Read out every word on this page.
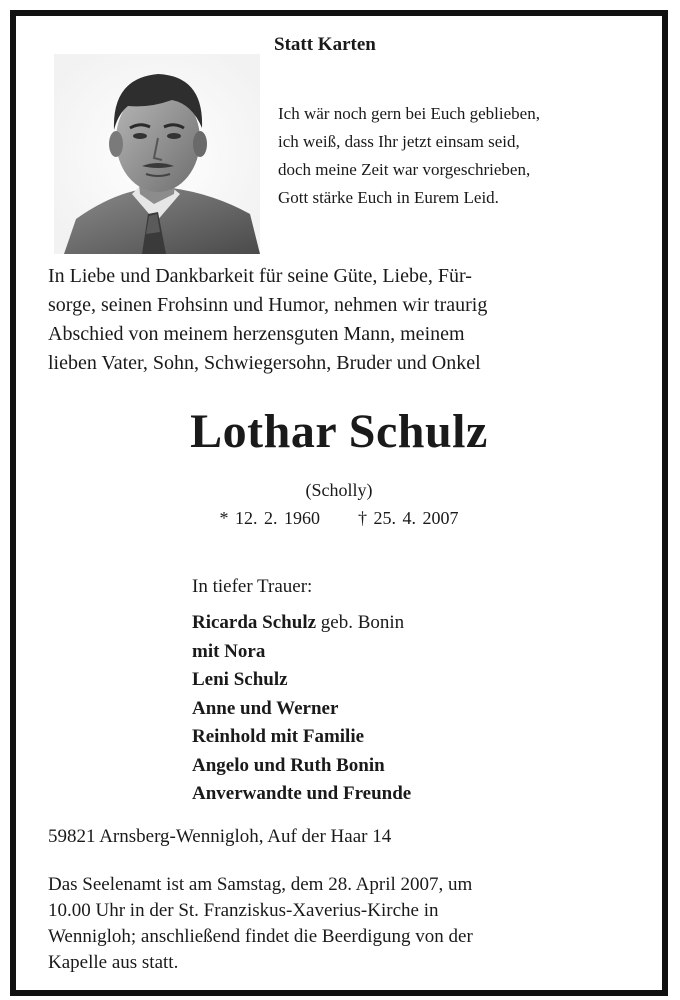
Statt Karten
Ich wär noch gern bei Euch geblieben,
ich weiß, dass Ihr jetzt einsam seid,
doch meine Zeit war vorgeschrieben,
Gott stärke Euch in Eurem Leid.
In Liebe und Dankbarkeit für seine Güte, Liebe, Für-
sorge, seinen Frohsinn und Humor, nehmen wir traurig
Abschied von meinem herzensguten Mann, meinem
lieben Vater, Sohn, Schwiegersohn, Bruder und Onkel
Lothar Schulz
(Scholly)
* 12. 2. 1960 † 25. 4. 2007
In tiefer Trauer:
Ricarda Schulz geb. Bonin
mit Nora
Leni Schulz
Anne und Werner
Reinhold mit Familie
Angelo und Ruth Bonin
Anverwandte und Freunde
59821 Arnsberg-Wennigloh, Auf der Haar 14
Das Seelenamt ist am Samstag, dem 28. April 2007, um
10.00 Uhr in der St. Franziskus-Xaverius-Kirche in
Wennigloh; anschließend findet die Beerdigung von der
Kapelle aus statt.
